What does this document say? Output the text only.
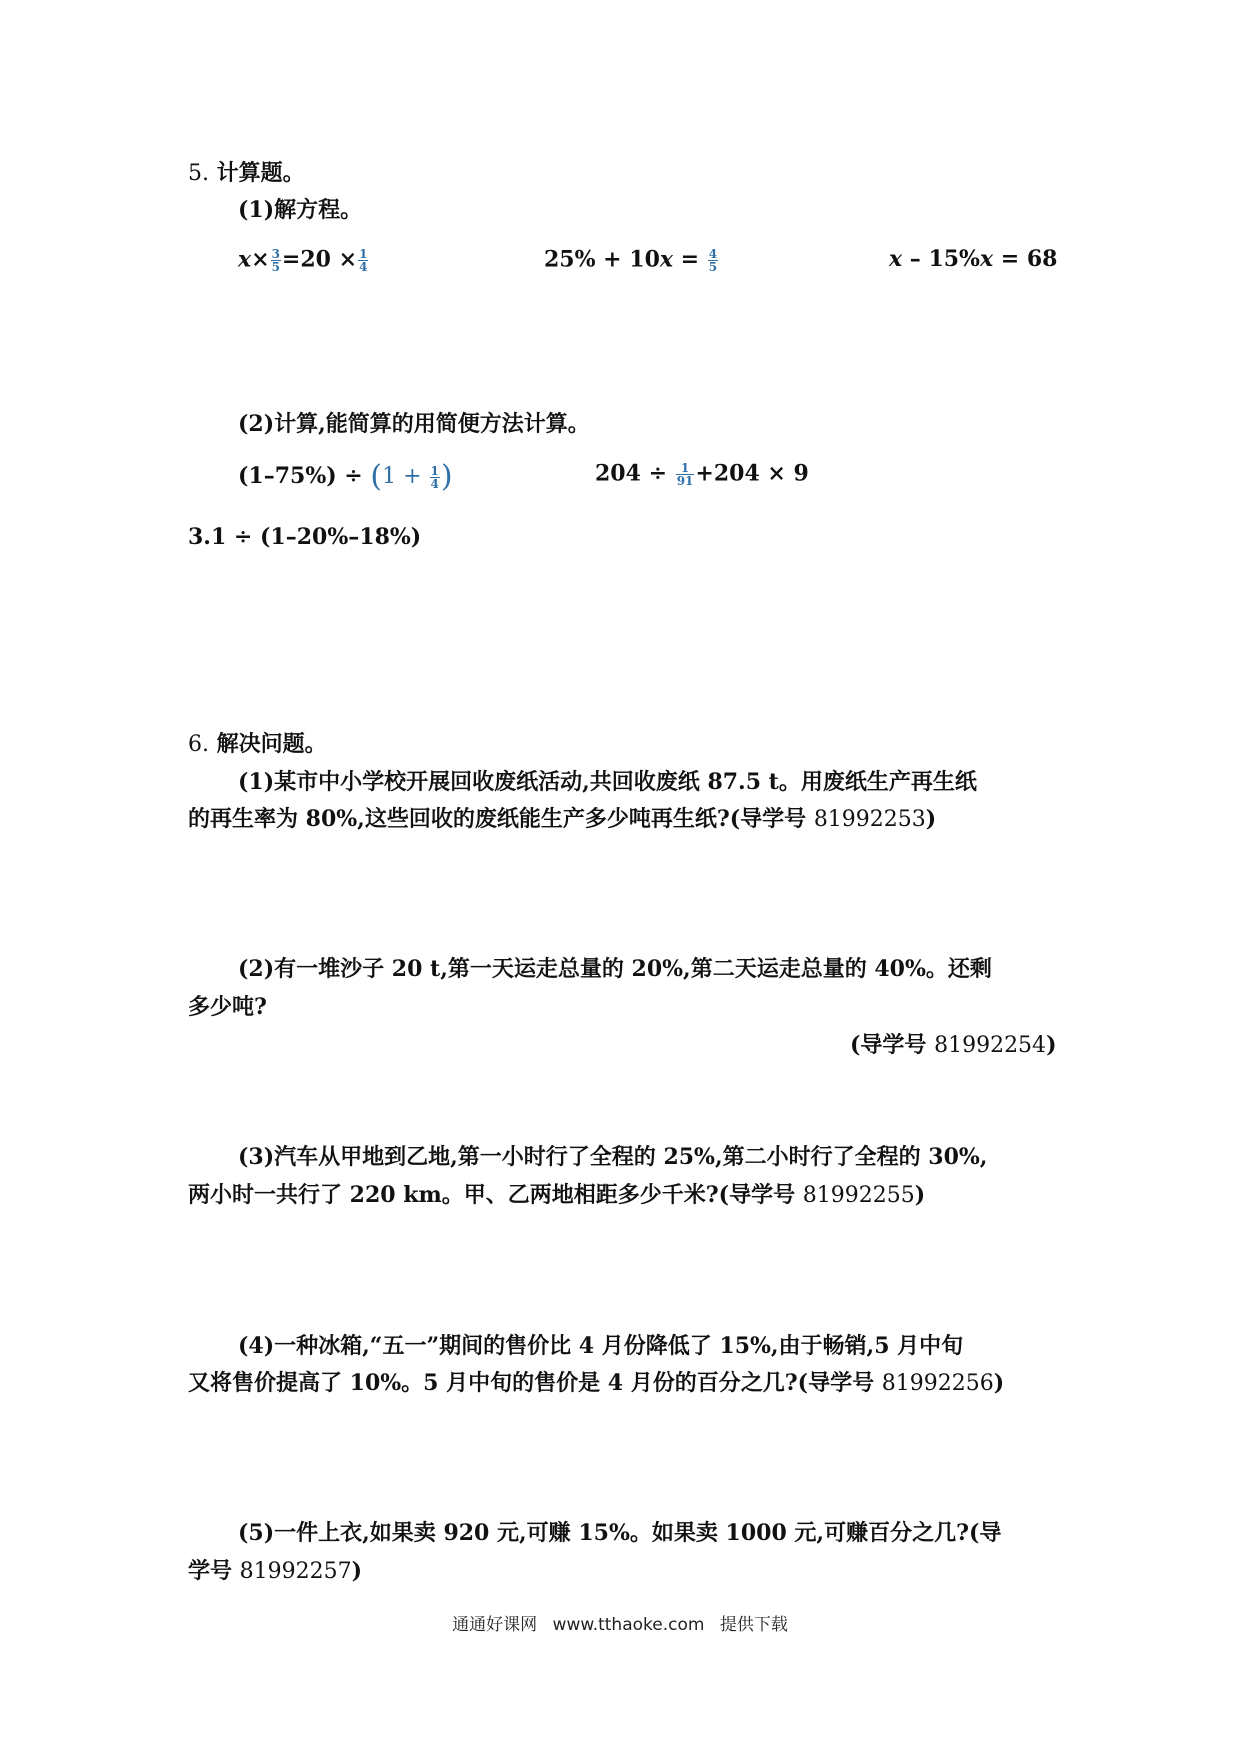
5. 计算题。
(1)解方程。
$x\times \frac{3}{5} =20 \times \frac{1}{4}$	$25\% + 10x = \frac{4}{5}$	x – 15%x = 68
(2)计算,能简算的用简便方法计算。
$(1-75\%) \div (1 + \frac{1}{4}$ )	$204 \div \frac{1}{91} +204 \times 9$
3.1 ÷ (1–20%–18%)
6. 解决问题。
(1)某市中小学校开展回收废纸活动,共回收废纸 87.5 t。用废纸生产再生纸
的再生率为 80%,这些回收的废纸能生产多少吨再生纸?(导学号 81992253)
(2)有一堆沙子 20 t,第一天运走总量的 20%,第二天运走总量的 40%。还剩
多少吨?
(导学号 81992254)
(3)汽车从甲地到乙地,第一小时行了全程的 25%,第二小时行了全程的 30%,
两小时一共行了 220 km。甲、乙两地相距多少千米?(导学号 81992255)
(4)一种冰箱,“五一”期间的售价比 4 月份降低了 15%,由于畅销,5 月中旬
又将售价提高了 10%。5 月中旬的售价是 4 月份的百分之几?(导学号 81992256)
(5)一件上衣,如果卖 920 元,可赚 15%。如果卖 1000 元,可赚百分之几?(导
学号 81992257)
通通好课网 www.tthaoke.com 提供下载
